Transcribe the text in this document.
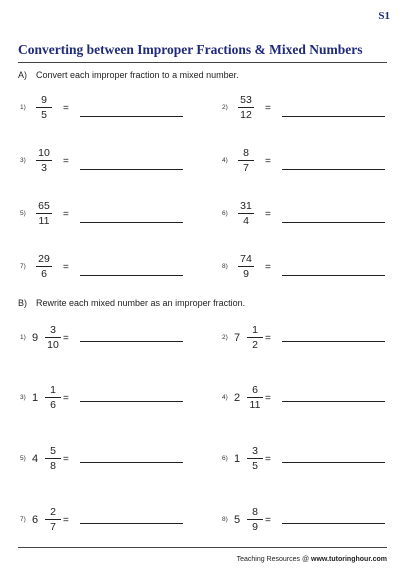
S1
Converting between Improper Fractions & Mixed Numbers
A) Convert each improper fraction to a mixed number.
B) Rewrite each mixed number as an improper fraction.
1)
9
5
=	2)
53
12
=
3)
10
3
=	4)
8
7
=
5)
65
11
=	6)
31
4
=
7)
29
6
=	8)
74
9
=
1) 9
3
10
=	2) 7
1
2
=
3) 1
1
6
=	4) 2
6
11
=
5) 4
5
8
=	6) 1
3
5
=
7) 6
2
7
=	8) 5
8
9
=
Teaching Resources @ www.tutoringhour.com
